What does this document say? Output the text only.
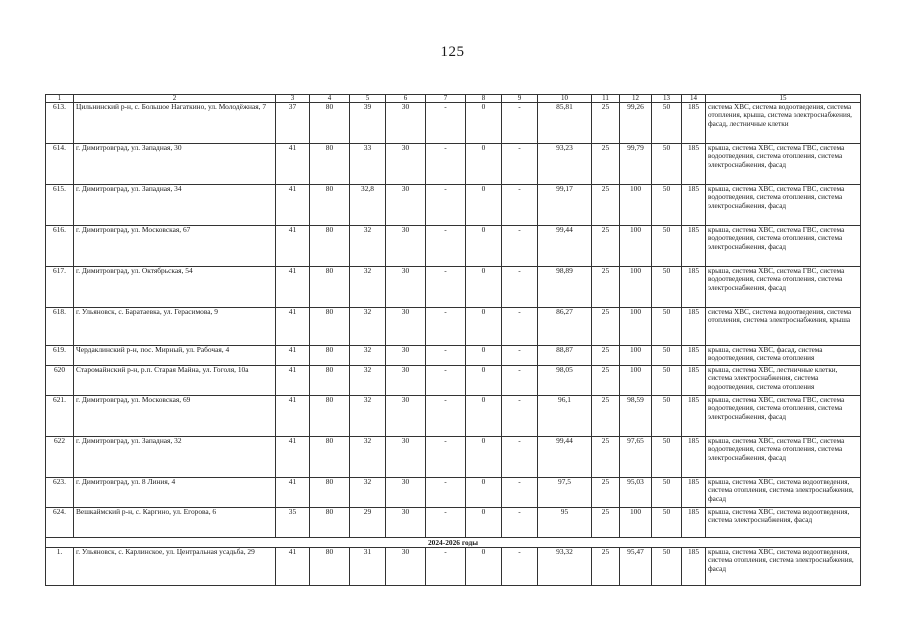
125
1	2	3	4	5	6	7	8	9	10	11	12	13	14	15
613.	Цильнинский р-н, с. Большое Нагаткино, ул. Молодёжная, 7	37	80	39	30	-	0	-	85,81	25	99,26	50	185	система ХВС, система водоотведения, система отопления, крыша, система электроснабжения, фасад, лестничные клетки
614.	г. Димитровград, ул. Западная, 30	41	80	33	30	-	0	-	93,23	25	99,79	50	185	крыша, система ХВС, система ГВС, система водоотведения, система отопления, система электроснабжения, фасад
615.	г. Димитровград, ул. Западная, 34	41	80	32,8	30	-	0	-	99,17	25	100	50	185	крыша, система ХВС, система ГВС, система водоотведения, система отопления, система электроснабжения, фасад
616.	г. Димитровград, ул. Московская, 67	41	80	32	30	-	0	-	99,44	25	100	50	185	крыша, система ХВС, система ГВС, система водоотведения, система отопления, система электроснабжения, фасад
617.	г. Димитровград, ул. Октябрьская, 54	41	80	32	30	-	0	-	98,89	25	100	50	185	крыша, система ХВС, система ГВС, система водоотведения, система отопления, система электроснабжения, фасад
618.	г. Ульяновск, с. Баратаевка, ул. Герасимова, 9	41	80	32	30	-	0	-	86,27	25	100	50	185	система ХВС, система водоотведения, система отопления, система электроснабжения, крыша
619.	Чердаклинский р-н, пос. Мирный, ул. Рабочая, 4	41	80	32	30	-	0	-	88,87	25	100	50	185	крыша, система ХВС, фасад, система водоотведения, система отопления
620	Старомайнский р-н, р.п. Старая Майна, ул. Гоголя, 10а	41	80	32	30	-	0	-	98,05	25	100	50	185	крыша, система ХВС, лестничные клетки, система электроснабжения, система водоотведения, система отопления
621.	г. Димитровград, ул. Московская, 69	41	80	32	30	-	0	-	96,1	25	98,59	50	185	крыша, система ХВС, система ГВС, система водоотведения, система отопления, система электроснабжения, фасад
622	г. Димитровград, ул. Западная, 32	41	80	32	30	-	0	-	99,44	25	97,65	50	185	крыша, система ХВС, система ГВС, система водоотведения, система отопления, система электроснабжения, фасад
623.	г. Димитровград, ул. 8 Линия, 4	41	80	32	30	-	0	-	97,5	25	95,03	50	185	крыша, система ХВС, система водоотведения, система отопления, система электроснабжения, фасад
624.	Вешкаймский р-н, с. Каргино, ул. Егорова, 6	35	80	29	30	-	0	-	95	25	100	50	185	крыша, система ХВС, система водоотведения, система электроснабжения, фасад
2024-2026 годы														
1.	г. Ульяновск, с. Карлинское, ул. Центральная усадьба, 29	41	80	31	30	-	0	-	93,32	25	95,47	50	185	крыша, система ХВС, система водоотведения, система отопления, система электроснабжения, фасад
